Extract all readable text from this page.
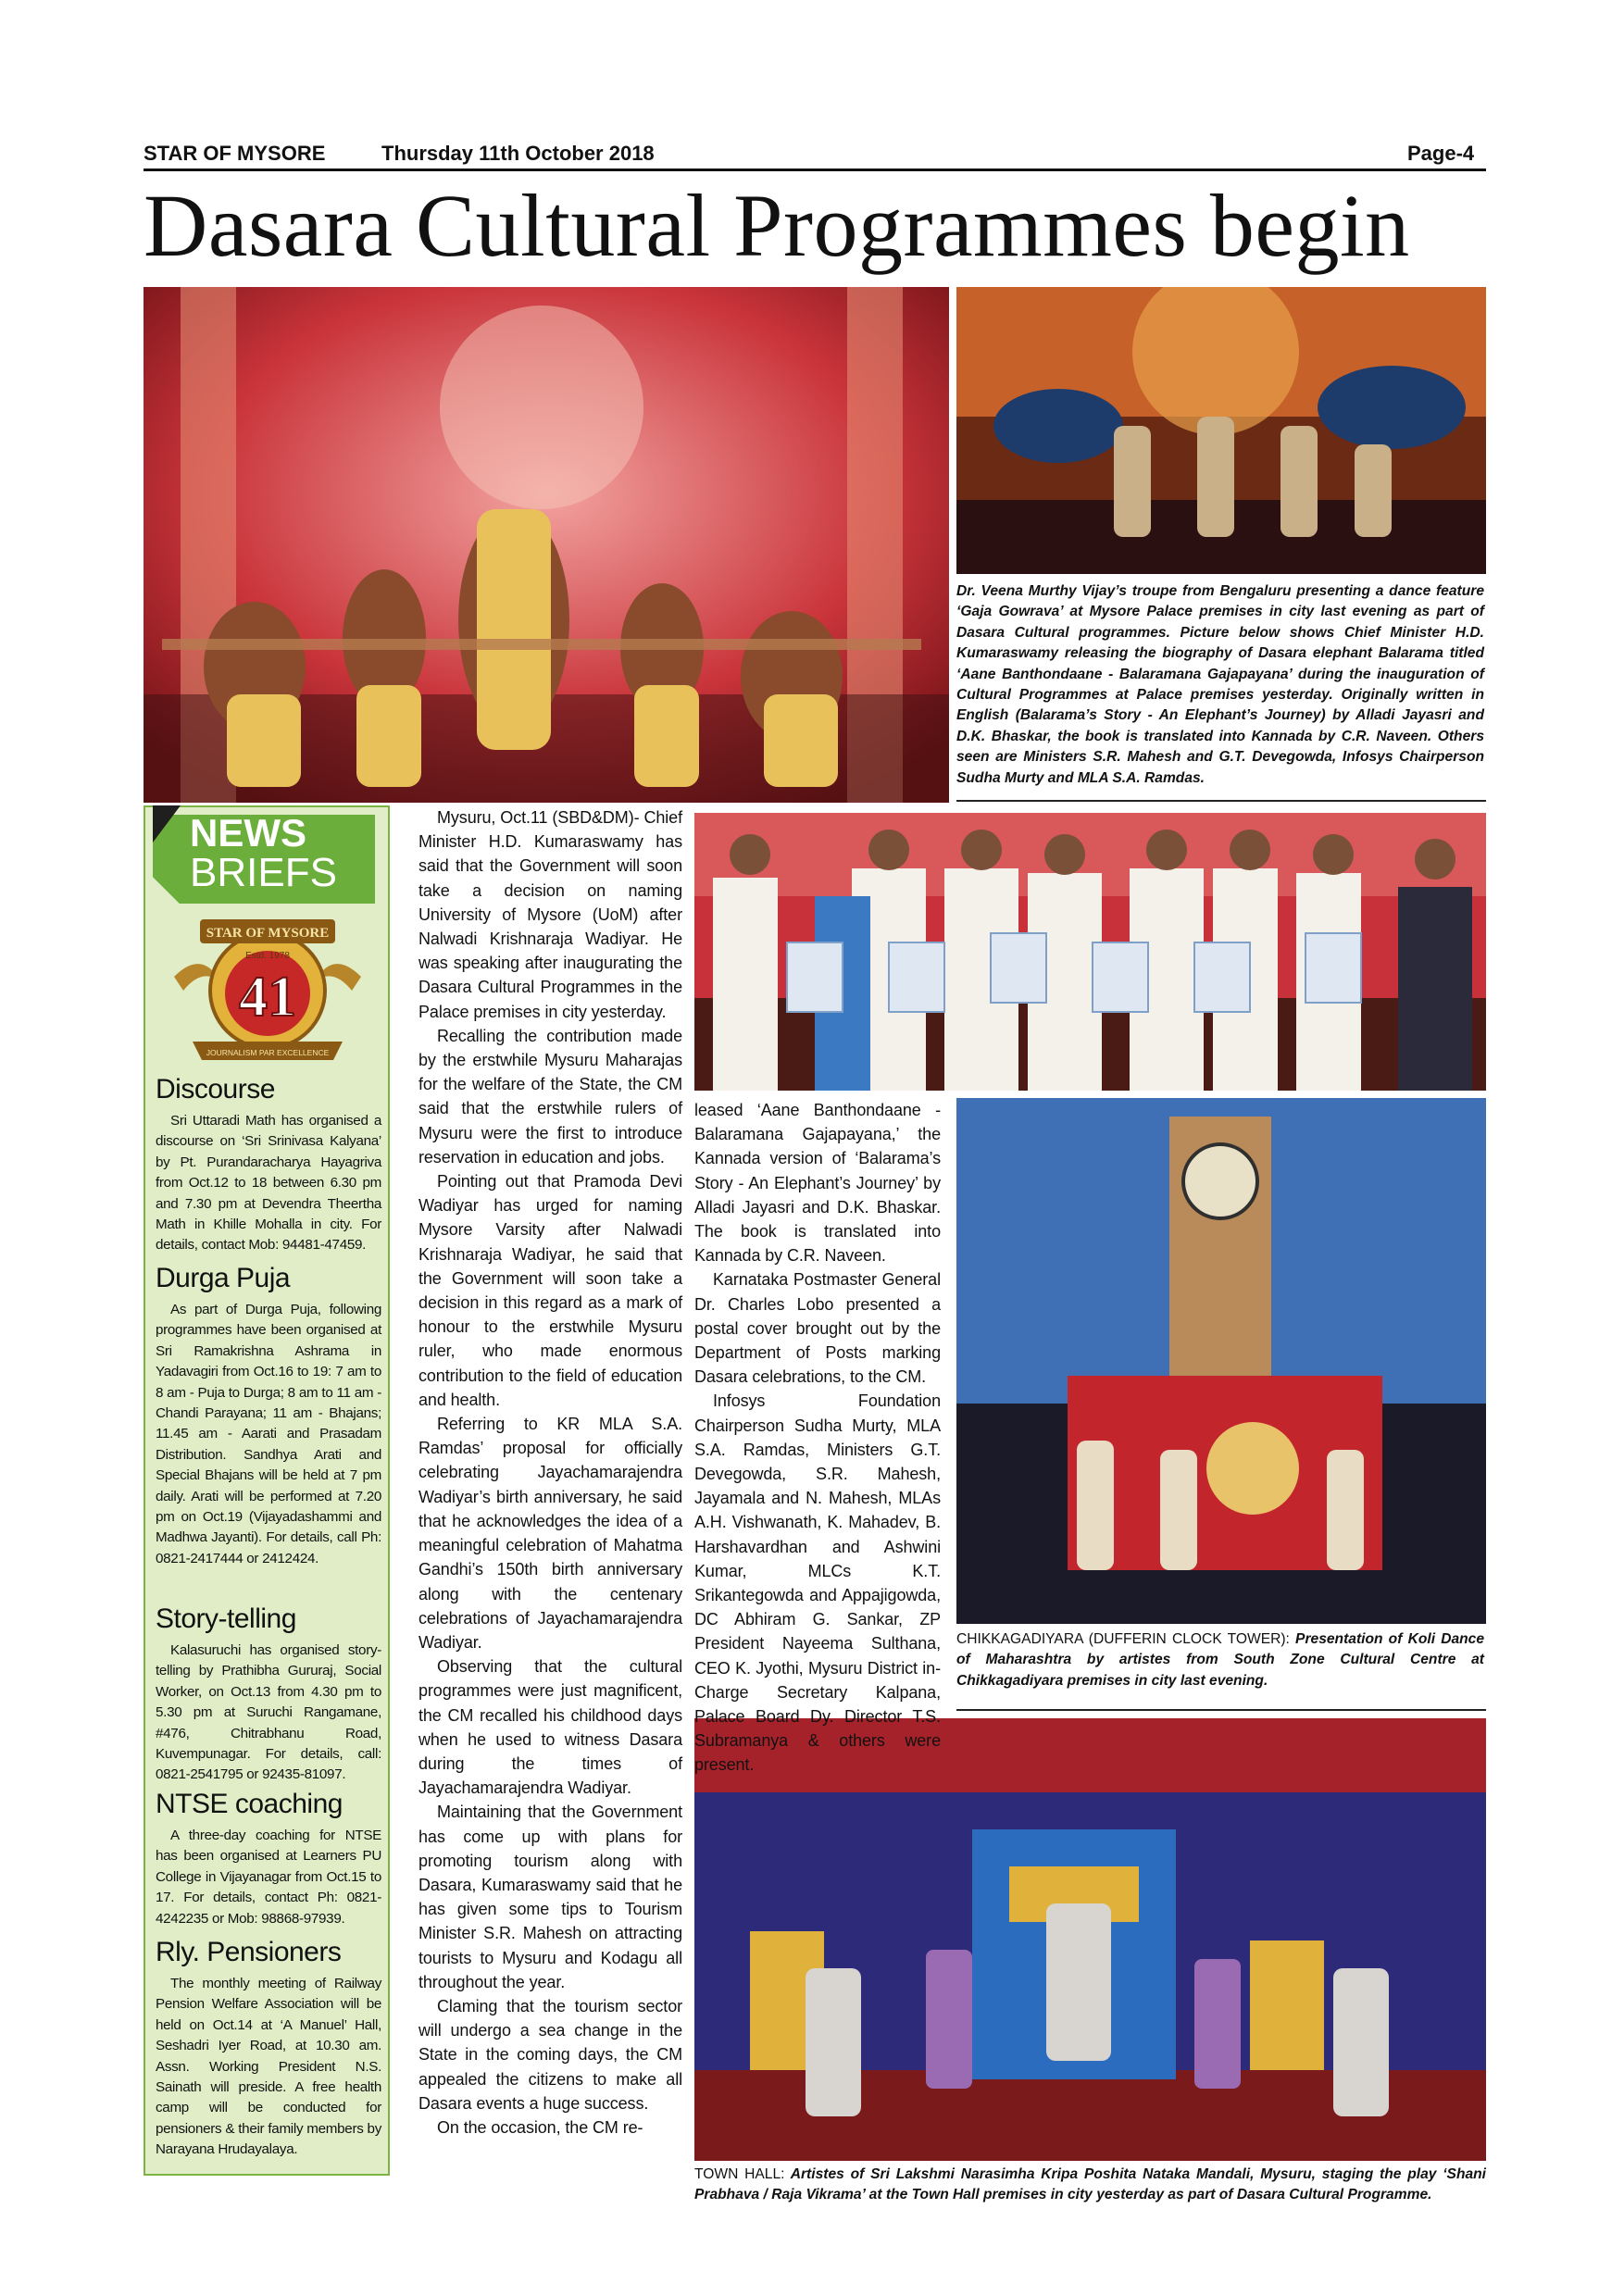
STAR OF MYSORE	Thursday 11th October 2018	Page-4
Dasara Cultural Programmes begin
Dr. Veena Murthy Vijay’s troupe from Bengaluru presenting a dance feature ‘Gaja Gowrava’ at Mysore Palace premises in city last evening as part of Dasara Cultural programmes. Picture below shows Chief Minister H.D. Kumaraswamy releasing the biography of Dasara elephant Balarama titled ‘Aane Banthondaane - Balaramana Gajapayana’ during the inauguration of Cultural Programmes at Palace premises yesterday. Originally written in English (Balarama’s Story - An Elephant’s Journey) by Alladi Jayasri and D.K. Bhaskar, the book is translated into Kannada by C.R. Naveen. Others seen are Ministers S.R. Mahesh and G.T. Devegowda, Infosys Chairperson Sudha Murty and MLA S.A. Ramdas.
CHIKKAGADIYARA (DUFFERIN CLOCK TOWER): Presentation of Koli Dance of Maharashtra by artistes from South Zone Cultural Centre at Chikkagadiyara premises in city last evening.
TOWN HALL: Artistes of Sri Lakshmi Narasimha Kripa Poshita Nataka Mandali, Mysuru, staging the play ‘Shani Prabhava / Raja Vikrama’ at the Town Hall premises in city yesterday as part of Dasara Cultural Programme.
NEWS
BRIEFS
STAR OF MYSORE
Estd. 1978
41
JOURNALISM PAR EXCELLENCE
Discourse

Sri Uttaradi Math has organised a discourse on ‘Sri Srinivasa Kalyana’ by Pt. Purandaracharya Hayagriva from Oct.12 to 18 between 6.30 pm and 7.30 pm at Devendra Theertha Math in Khille Mohalla in city. For details, contact Mob: 94481-47459.

Durga Puja

As part of Durga Puja, following programmes have been organised at Sri Ramakrishna Ashrama in Yadavagiri from Oct.16 to 19: 7 am to 8 am - Puja to Durga; 8 am to 11 am - Chandi Parayana; 11 am - Bhajans; 11.45 am - Aarati and Prasadam Distribution. Sandhya Arati and Special Bhajans will be held at 7 pm daily. Arati will be performed at 7.20 pm on Oct.19 (Vijayadashammi and Madhwa Jayanti). For details, call Ph: 0821-2417444 or 2412424.

Story-telling

Kalasuruchi has organised story-telling by Prathibha Gururaj, Social Worker, on Oct.13 from 4.30 pm to 5.30 pm at Suruchi Rangamane, #476, Chitrabhanu Road, Kuvempunagar. For details, call: 0821-2541795 or 92435-81097.

NTSE coaching

A three-day coaching for NTSE has been organised at Learners PU College in Vijayanagar from Oct.15 to 17. For details, contact Ph: 0821-4242235 or Mob: 98868-97939.

Rly. Pensioners

The monthly meeting of Railway Pension Welfare Association will be held on Oct.14 at ‘A Manuel’ Hall, Seshadri Iyer Road, at 10.30 am. Assn. Working President N.S. Sainath will preside. A free health camp will be conducted for pensioners & their family members by Narayana Hrudayalaya.

Mysuru, Oct.11 (SBD&DM)- Chief Minister H.D. Kumaraswamy has said that the Government will soon take a decision on naming University of Mysore (UoM) after Nalwadi Krishnaraja Wadiyar. He was speaking after inaugurating the Dasara Cultural Programmes in the Palace premises in city yesterday.

Recalling the contribution made by the erstwhile Mysuru Maharajas for the welfare of the State, the CM said that the erstwhile rulers of Mysuru were the first to introduce reservation in education and jobs.

Pointing out that Pramoda Devi Wadiyar has urged for naming Mysore Varsity after Nalwadi Krishnaraja Wadiyar, he said that the Government will soon take a decision in this regard as a mark of honour to the erstwhile Mysuru ruler, who made enormous contribution to the field of education and health.

Referring to KR MLA S.A. Ramdas’ proposal for officially celebrating Jayachamarajendra Wadiyar’s birth anniversary, he said that he acknowledges the idea of a meaningful celebration of Mahatma Gandhi’s 150th birth anniversary along with the centenary celebrations of Jayachamarajendra Wadiyar.

Observing that the cultural programmes were just magnificent, the CM recalled his childhood days when he used to witness Dasara during the times of Jayachamarajendra Wadiyar.

Maintaining that the Government has come up with plans for promoting tourism along with Dasara, Kumaraswamy said that he has given some tips to Tourism Minister S.R. Mahesh on attracting tourists to Mysuru and Kodagu all throughout the year.

Claming that the tourism sector will undergo a sea change in the State in the coming days, the CM appealed the citizens to make all Dasara events a huge success.

On the occasion, the CM re-

leased ‘Aane Banthondaane - Balaramana Gajapayana,’ the Kannada version of ‘Balarama’s Story - An Elephant’s Journey’ by Alladi Jayasri and D.K. Bhaskar. The book is translated into Kannada by C.R. Naveen.

Karnataka Postmaster General Dr. Charles Lobo presented a postal cover brought out by the Department of Posts marking Dasara celebrations, to the CM.

Infosys Foundation Chairperson Sudha Murty, MLA S.A. Ramdas, Ministers G.T. Devegowda, S.R. Mahesh, Jayamala and N. Mahesh, MLAs A.H. Vishwanath, K. Mahadev, B. Harshavardhan and Ashwini Kumar, MLCs K.T. Srikantegowda and Appajigowda, DC Abhiram G. Sankar, ZP President Nayeema Sulthana, CEO K. Jyothi, Mysuru District in-Charge Secretary Kalpana, Palace Board Dy. Director T.S. Subramanya & others were present.
